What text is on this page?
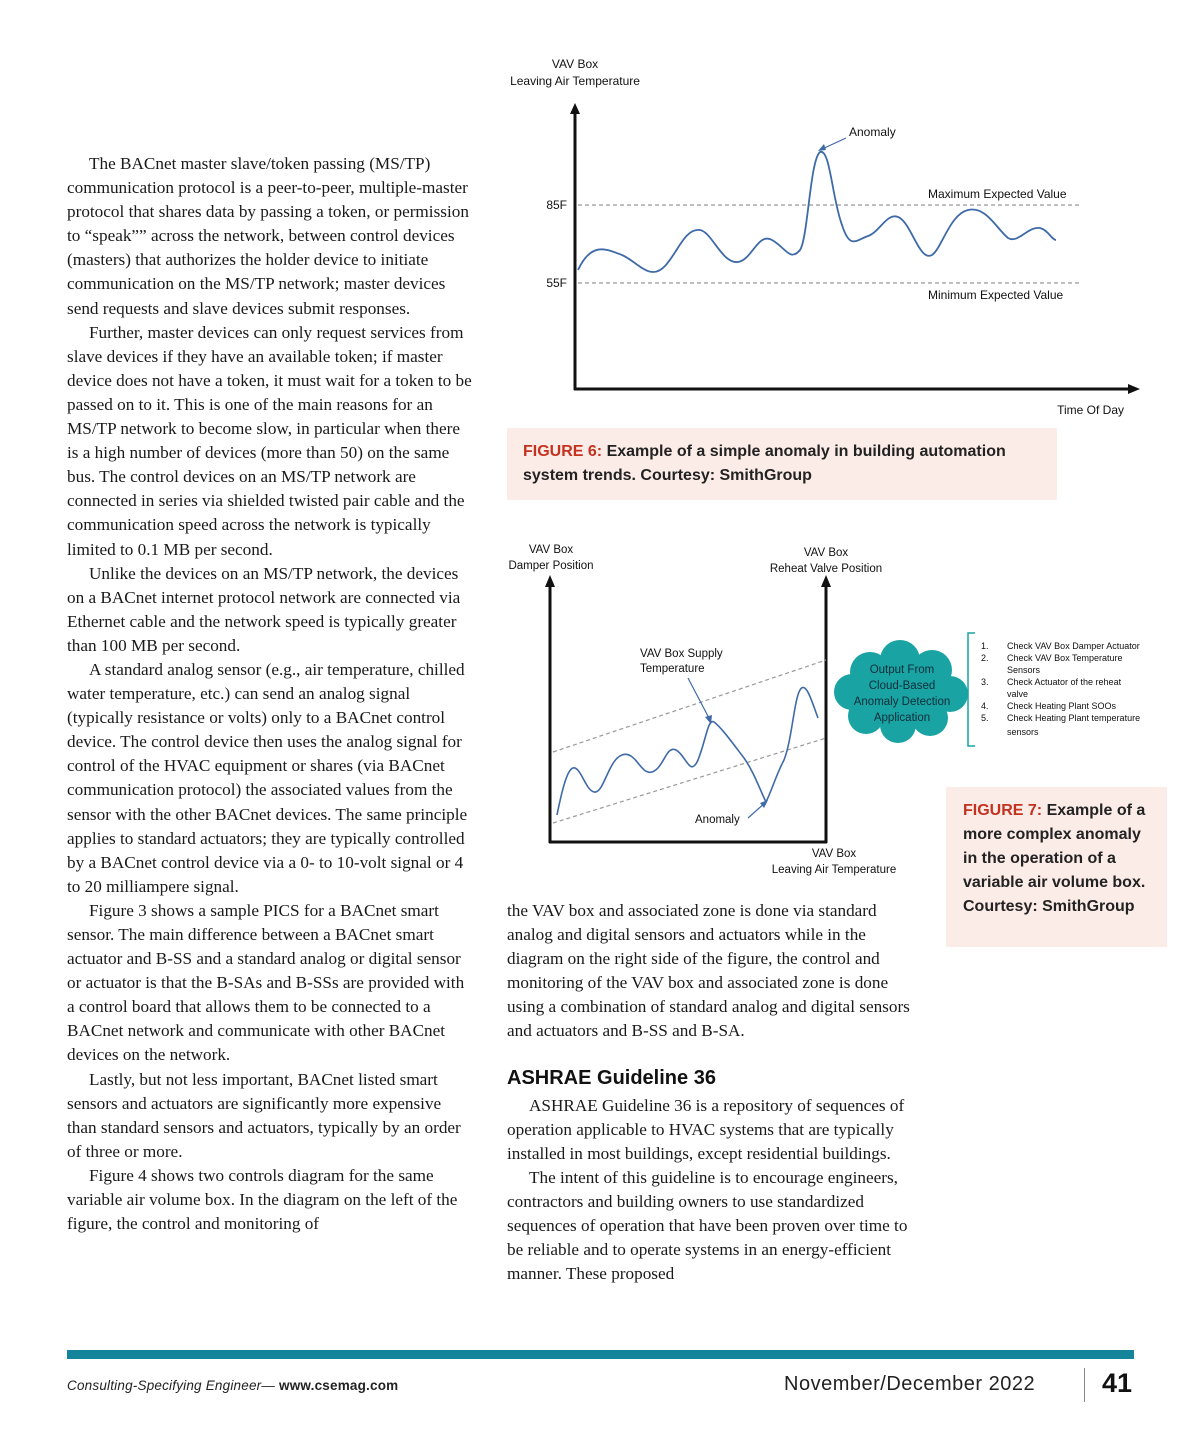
The BACnet master slave/token passing (MS/TP) communication protocol is a peer-to-peer, multiple-master protocol that shares data by passing a token, or permission to “speak”” across the network, between control devices (masters) that authorizes the holder device to initiate communication on the MS/TP network; master devices send requests and slave devices submit responses.

Further, master devices can only request services from slave devices if they have an available token; if master device does not have a token, it must wait for a token to be passed on to it. This is one of the main reasons for an MS/TP network to become slow, in particular when there is a high number of devices (more than 50) on the same bus. The control devices on an MS/TP network are connected in series via shielded twisted pair cable and the communication speed across the network is typically limited to 0.1 MB per second.

Unlike the devices on an MS/TP network, the devices on a BACnet internet protocol network are connected via Ethernet cable and the network speed is typically greater than 100 MB per second.

A standard analog sensor (e.g., air temperature, chilled water temperature, etc.) can send an analog signal (typically resistance or volts) only to a BACnet control device. The control device then uses the analog signal for control of the HVAC equipment or shares (via BACnet communication protocol) the associated values from the sensor with the other BACnet devices. The same principle applies to standard actuators; they are typically controlled by a BACnet control device via a 0- to 10-volt signal or 4 to 20 milliampere signal.

Figure 3 shows a sample PICS for a BACnet smart sensor. The main difference between a BACnet smart actuator and B-SS and a standard analog or digital sensor or actuator is that the B-SAs and B-SSs are provided with a control board that allows them to be connected to a BACnet network and communicate with other BACnet devices on the network.

Lastly, but not less important, BACnet listed smart sensors and actuators are significantly more expensive than standard sensors and actuators, typically by an order of three or more.

Figure 4 shows two controls diagram for the same variable air volume box. In the diagram on the left of the figure, the control and monitoring of

VAV Box
Leaving Air Temperature
85F
55F
Maximum Expected Value
Minimum Expected Value
Anomaly
Time Of Day
FIGURE 6: Example of a simple anomaly in building automation system trends. Courtesy: SmithGroup
VAV Box
Damper Position
VAV Box
Reheat Valve Position
VAV Box Supply
Temperature
Anomaly
VAV Box
Leaving Air Temperature
Output From
Cloud-Based
Anomaly Detection
Application
1. Check VAV Box Damper Actuator
2. Check VAV Box Temperature
Sensors
3. Check Actuator of the reheat
valve
4. Check Heating Plant SOOs
5. Check Heating Plant temperature
sensors
FIGURE 7: Example of a more complex anomaly in the operation of a variable air volume box. Courtesy: SmithGroup

the VAV box and associated zone is done via standard analog and digital sensors and actuators while in the diagram on the right side of the figure, the control and monitoring of the VAV box and associated zone is done using a combination of standard analog and digital sensors and actuators and B-SS and B-SA.

ASHRAE Guideline 36

ASHRAE Guideline 36 is a repository of sequences of operation applicable to HVAC systems that are typically installed in most buildings, except residential buildings.

The intent of this guideline is to encourage engineers, contractors and building owners to use standardized sequences of operation that have been proven over time to be reliable and to operate systems in an energy-efficient manner. These proposed

Consulting-Specifying Engineer— www.csemag.com	November/December 2022 41
